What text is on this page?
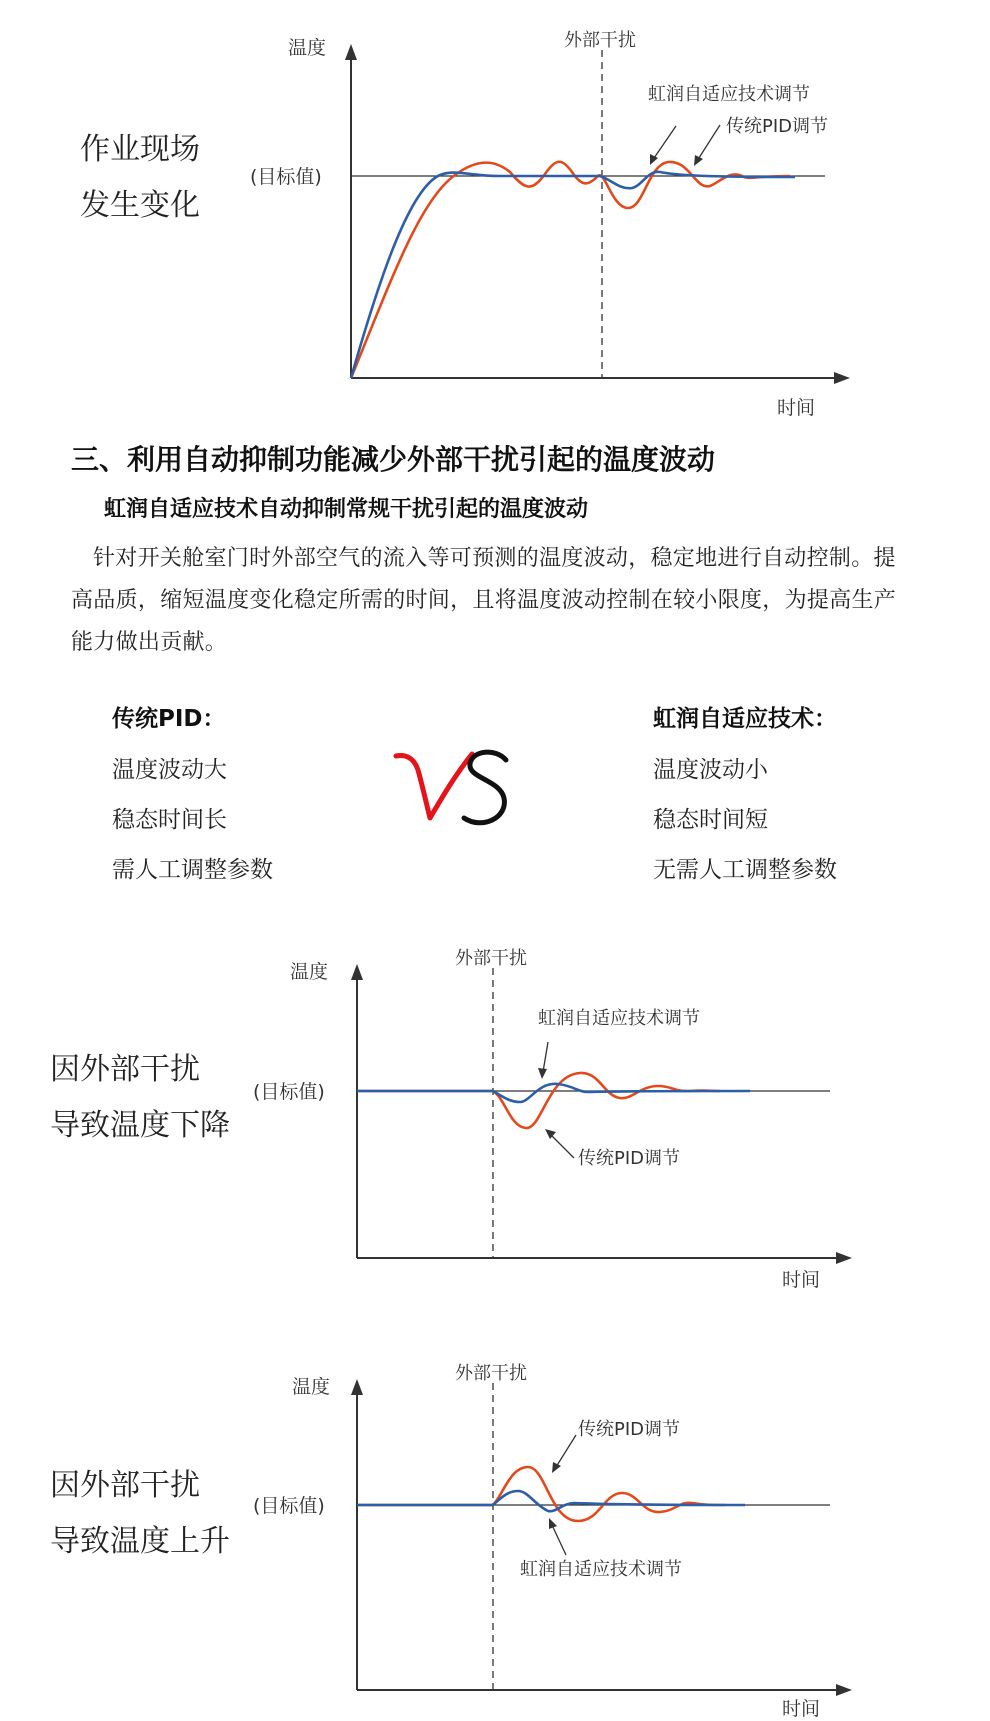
作业现场
发生变化
温度
时间
(目标值)
外部干扰
虹润自适应技术调节
传统PID调节
三、利用自动抑制功能减少外部干扰引起的温度波动
虹润自适应技术自动抑制常规干扰引起的温度波动
针对开关舱室门时外部空气的流入等可预测的温度波动，稳定地进行自动控制。提高品质，缩短温度变化稳定所需的时间，且将温度波动控制在较小限度，为提高生产能力做出贡献。
传统PID：
温度波动大
稳态时间长
需人工调整参数
虹润自适应技术：
温度波动小
稳态时间短
无需人工调整参数
因外部干扰
导致温度下降
温度
时间
(目标值)
外部干扰
虹润自适应技术调节
传统PID调节
因外部干扰
导致温度上升
温度
时间
(目标值)
外部干扰
传统PID调节
虹润自适应技术调节
